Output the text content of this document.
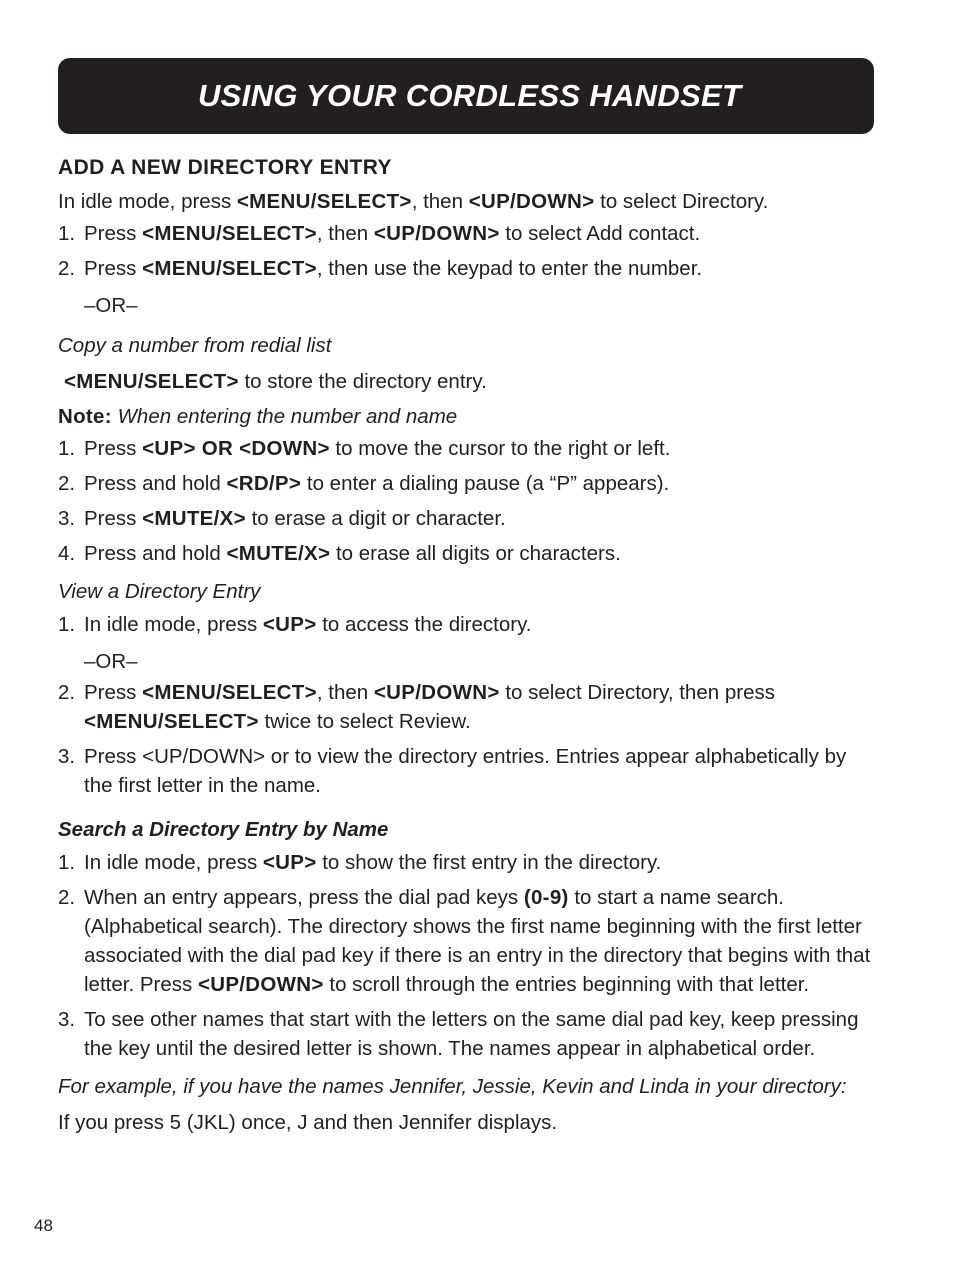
USING YOUR CORDLESS HANDSET
ADD A NEW DIRECTORY ENTRY

In idle mode, press <MENU/SELECT>, then <UP/DOWN> to select Directory.

1. Press <MENU/SELECT>, then <UP/DOWN> to select Add contact.
2. Press <MENU/SELECT>, then use the keypad to enter the number.

–OR–

Copy a number from redial list

<MENU/SELECT> to store the directory entry.

Note: When entering the number and name

1. Press <UP> OR <DOWN> to move the cursor to the right or left.
2. Press and hold <RD/P> to enter a dialing pause (a “P” appears).
3. Press <MUTE/X> to erase a digit or character.
4. Press and hold <MUTE/X> to erase all digits or characters.
View a Directory Entry
1. In idle mode, press <UP> to access the directory.

–OR–

2. Press <MENU/SELECT>, then <UP/DOWN> to select Directory, then press <MENU/SELECT> twice to select Review.
3. Press <UP/DOWN> or to view the directory entries. Entries appear alphabetically by the first letter in the name.
Search a Directory Entry by Name
1. In idle mode, press <UP> to show the first entry in the directory.
2. When an entry appears, press the dial pad keys (0-9) to start a name search. (Alphabetical search). The directory shows the first name beginning with the first letter associated with the dial pad key if there is an entry in the directory that begins with that letter. Press <UP/DOWN> to scroll through the entries beginning with that letter.
3. To see other names that start with the letters on the same dial pad key, keep pressing the key until the desired letter is shown. The names appear in alphabetical order.
For example, if you have the names Jennifer, Jessie, Kevin and Linda in your directory:

If you press 5 (JKL) once, J and then Jennifer displays.

48
